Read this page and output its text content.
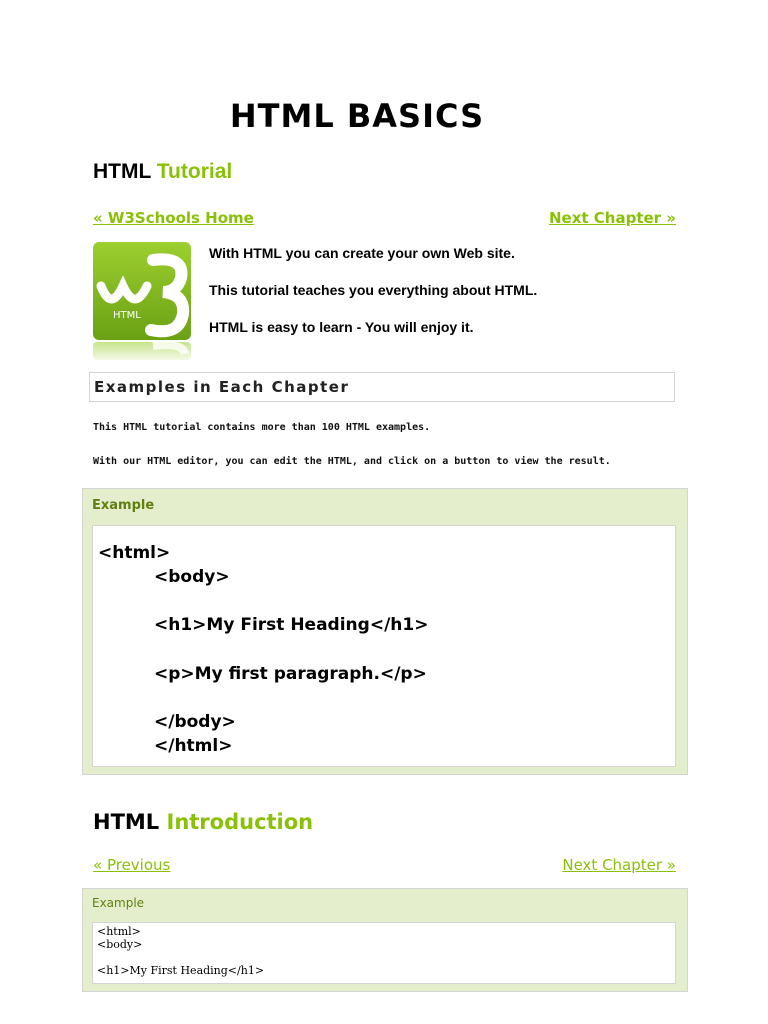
HTML BASICS
HTML Tutorial
« W3Schools Home	Next Chapter »
HTML

With HTML you can create your own Web site.

This tutorial teaches you everything about HTML.

HTML is easy to learn - You will enjoy it.

Examples in Each Chapter

This HTML tutorial contains more than 100 HTML examples.

With our HTML editor, you can edit the HTML, and click on a button to view the result.

Example
<html>
<body>
<h1>My First Heading</h1>
<p>My first paragraph.</p>
</body>
</html>
HTML Introduction
« Previous	Next Chapter »
Example
<html>
<body>
<h1>My First Heading</h1>
